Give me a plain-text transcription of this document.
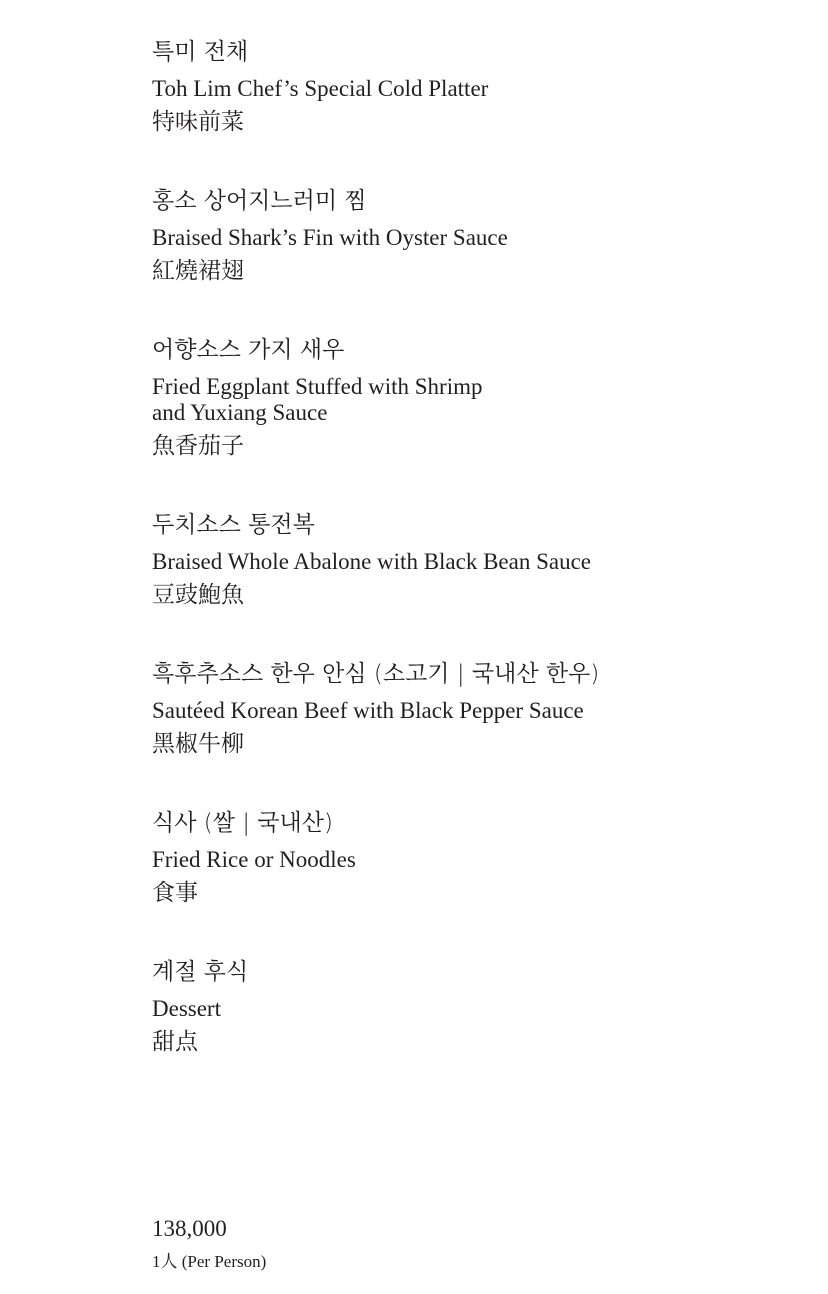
특미 전채

Toh Lim Chef’s Special Cold Platter

特味前菜

홍소 상어지느러미 찜

Braised Shark’s Fin with Oyster Sauce

紅燒裙翅

어향소스 가지 새우

Fried Eggplant Stuffed with Shrimp
and Yuxiang Sauce

魚香茄子

두치소스 통전복

Braised Whole Abalone with Black Bean Sauce

豆豉鮑魚

흑후추소스 한우 안심 (소고기 | 국내산 한우)

Sautéed Korean Beef with Black Pepper Sauce

黑椒牛柳

식사 (쌀 | 국내산)

Fried Rice or Noodles

食事

계절 후식

Dessert

甜点

138,000

1人 (Per Person)
